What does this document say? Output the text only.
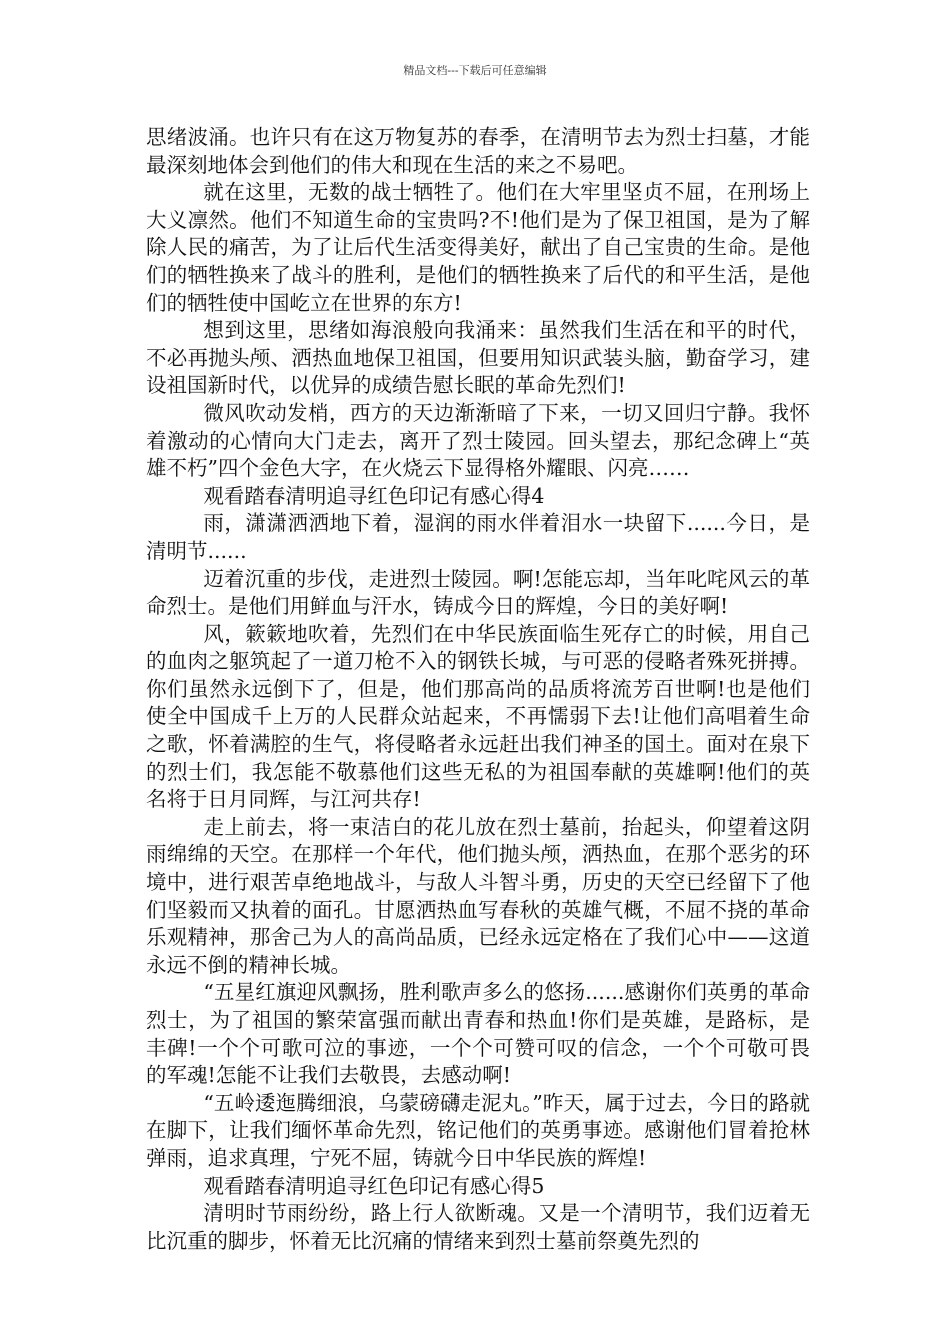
精品文档---下载后可任意编辑

思绪波涌。也许只有在这万物复苏的春季，在清明节去为烈士扫墓，才能最深刻地体会到他们的伟大和现在生活的来之不易吧。

就在这里，无数的战士牺牲了。他们在大牢里坚贞不屈，在刑场上大义凛然。他们不知道生命的宝贵吗?不!他们是为了保卫祖国，是为了解除人民的痛苦，为了让后代生活变得美好，献出了自己宝贵的生命。是他们的牺牲换来了战斗的胜利，是他们的牺牲换来了后代的和平生活，是他们的牺牲使中国屹立在世界的东方!

想到这里，思绪如海浪般向我涌来：虽然我们生活在和平的时代，不必再抛头颅、洒热血地保卫祖国，但要用知识武装头脑，勤奋学习，建设祖国新时代，以优异的成绩告慰长眠的革命先烈们!

微风吹动发梢，西方的天边渐渐暗了下来，一切又回归宁静。我怀着激动的心情向大门走去，离开了烈士陵园。回头望去，那纪念碑上“英雄不朽”四个金色大字，在火烧云下显得格外耀眼、闪亮……

观看踏春清明追寻红色印记有感心得4

雨，潇潇洒洒地下着，湿润的雨水伴着泪水一块留下......今日，是清明节......

迈着沉重的步伐，走进烈士陵园。啊!怎能忘却，当年叱咤风云的革命烈士。是他们用鲜血与汗水，铸成今日的辉煌，今日的美好啊!

风，簌簌地吹着，先烈们在中华民族面临生死存亡的时候，用自己的血肉之躯筑起了一道刀枪不入的钢铁长城，与可恶的侵略者殊死拼搏。你们虽然永远倒下了，但是，他们那高尚的品质将流芳百世啊!也是他们使全中国成千上万的人民群众站起来，不再懦弱下去!让他们高唱着生命之歌，怀着满腔的生气，将侵略者永远赶出我们神圣的国土。面对在泉下的烈士们，我怎能不敬慕他们这些无私的为祖国奉献的英雄啊!他们的英名将于日月同辉，与江河共存!

走上前去，将一束洁白的花儿放在烈士墓前，抬起头，仰望着这阴雨绵绵的天空。在那样一个年代，他们抛头颅，洒热血，在那个恶劣的环境中，进行艰苦卓绝地战斗，与敌人斗智斗勇，历史的天空已经留下了他们坚毅而又执着的面孔。甘愿洒热血写春秋的英雄气概，不屈不挠的革命乐观精神，那舍己为人的高尚品质，已经永远定格在了我们心中——这道永远不倒的精神长城。

“五星红旗迎风飘扬，胜利歌声多么的悠扬......感谢你们英勇的革命烈士，为了祖国的繁荣富强而献出青春和热血!你们是英雄，是路标，是丰碑!一个个可歌可泣的事迹，一个个可赞可叹的信念，一个个可敬可畏的军魂!怎能不让我们去敬畏，去感动啊!

“五岭逶迤腾细浪，乌蒙磅礴走泥丸。”昨天，属于过去，今日的路就在脚下，让我们缅怀革命先烈，铭记他们的英勇事迹。感谢他们冒着抢林弹雨，追求真理，宁死不屈，铸就今日中华民族的辉煌!

观看踏春清明追寻红色印记有感心得5

清明时节雨纷纷，路上行人欲断魂。又是一个清明节，我们迈着无比沉重的脚步，怀着无比沉痛的情绪来到烈士墓前祭奠先烈的
